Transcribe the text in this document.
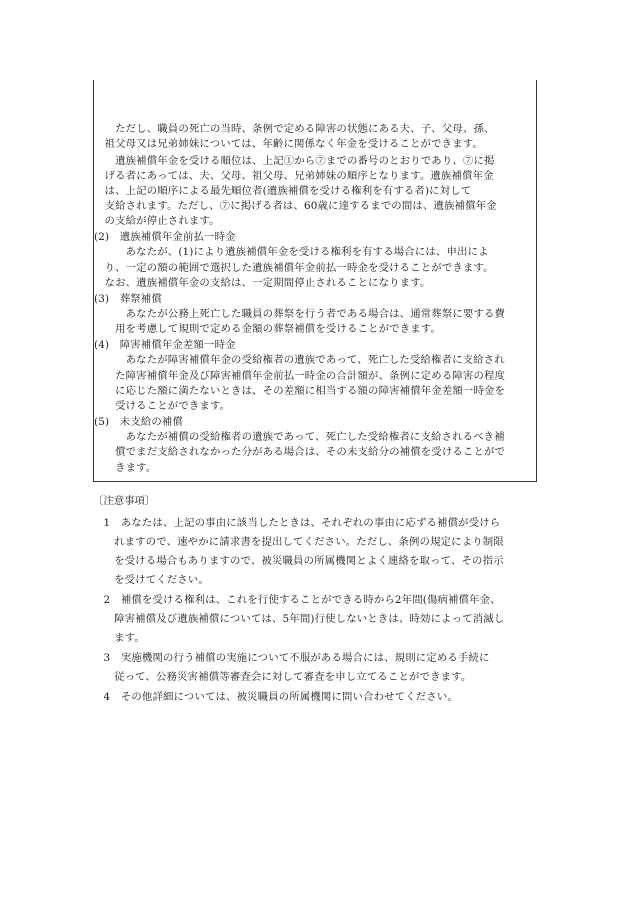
　　ただし、職員の死亡の当時、条例で定める障害の状態にある夫、子、父母、孫、
　祖父母又は兄弟姉妹については、年齢に関係なく年金を受けることができます。
　　遺族補償年金を受ける順位は、上記①から⑦までの番号のとおりであり、⑦に掲
　げる者にあっては、夫、父母、祖父母、兄弟姉妹の順序となります。遺族補償年金
　は、上記の順序による最先順位者(遺族補償を受ける権利を有する者)に対して
　支給されます。ただし、⑦に掲げる者は、60歳に達するまでの間は、遺族補償年金
　の支給が停止されます。
(2)　遺族補償年金前払一時金
　　　あなたが、(1)により遺族補償年金を受ける権利を有する場合には、申出によ
　り、一定の額の範囲で選択した遺族補償年金前払一時金を受けることができます。
　なお、遺族補償年金の支給は、一定期間停止されることになります。
(3)　葬祭補償
　　　あなたが公務上死亡した職員の葬祭を行う者である場合は、通常葬祭に要する費
　　用を考慮して規則で定める金額の葬祭補償を受けることができます。
(4)　障害補償年金差額一時金
　　　あなたが障害補償年金の受給権者の遺族であって、死亡した受給権者に支給され
　　た障害補償年金及び障害補償年金前払一時金の合計額が、条例に定める障害の程度
　　に応じた額に満たないときは、その差額に相当する額の障害補償年金差額一時金を
　　受けることができます。
(5)　未支給の補償
　　　あなたが補償の受給権者の遺族であって、死亡した受給権者に支給されるべき補
　　償でまだ支給されなかった分がある場合は、その未支給分の補償を受けることがで
　　きます。
〔注意事項〕
　1　あなたは、上記の事由に該当したときは、それぞれの事由に応ずる補償が受けら
　　れますので、速やかに請求書を提出してください。ただし、条例の規定により制限
　　を受ける場合もありますので、被災職員の所属機関とよく連絡を取って、その指示
　　を受けてください。
　2　補償を受ける権利は、これを行使することができる時から2年間(傷病補償年金、
　　障害補償及び遺族補償については、5年間)行使しないときは、時効によって消滅し
　　ます。
　3　実施機関の行う補償の実施について不服がある場合には、規則に定める手続に
　　従って、公務災害補償等審査会に対して審査を申し立てることができます。
　4　その他詳細については、被災職員の所属機関に問い合わせてください。
